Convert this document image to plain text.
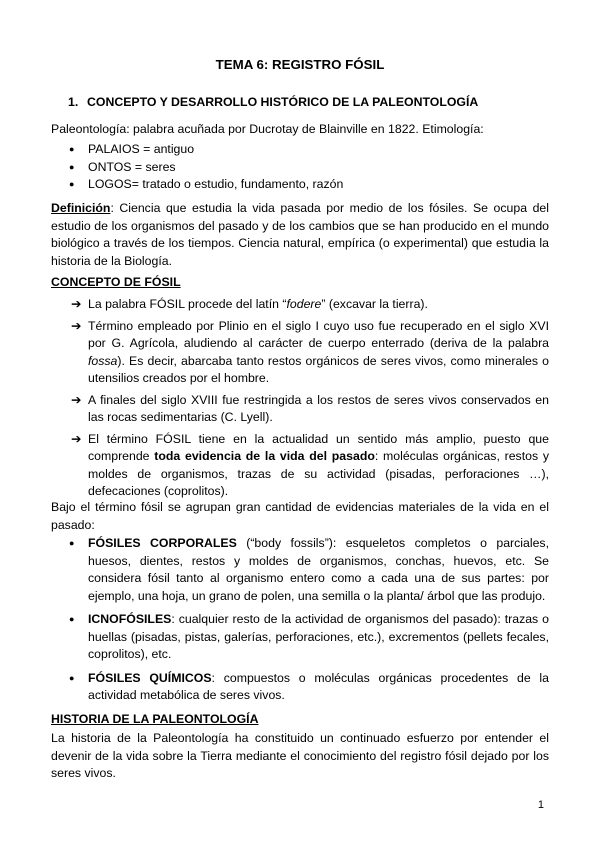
TEMA 6: REGISTRO FÓSIL
1. CONCEPTO Y DESARROLLO HISTÓRICO DE LA PALEONTOLOGÍA
Paleontología: palabra acuñada por Ducrotay de Blainville en 1822. Etimología:
● PALAIOS = antiguo
● ONTOS = seres
● LOGOS= tratado o estudio, fundamento, razón
Definición: Ciencia que estudia la vida pasada por medio de los fósiles. Se ocupa del estudio de los organismos del pasado y de los cambios que se han producido en el mundo biológico a través de los tiempos. Ciencia natural, empírica (o experimental) que estudia la historia de la Biología.
CONCEPTO DE FÓSIL
➔ La palabra FÓSIL procede del latín “fodere” (excavar la tierra).
➔ Término empleado por Plinio en el siglo I cuyo uso fue recuperado en el siglo XVI por G. Agrícola, aludiendo al carácter de cuerpo enterrado (deriva de la palabra fossa). Es decir, abarcaba tanto restos orgánicos de seres vivos, como minerales o utensilios creados por el hombre.
➔ A finales del siglo XVIII fue restringida a los restos de seres vivos conservados en las rocas sedimentarias (C. Lyell).
➔ El término FÓSIL tiene en la actualidad un sentido más amplio, puesto que comprende toda evidencia de la vida del pasado: moléculas orgánicas, restos y moldes de organismos, trazas de su actividad (pisadas, perforaciones …), defecaciones (coprolitos).
Bajo el término fósil se agrupan gran cantidad de evidencias materiales de la vida en el pasado:
● FÓSILES CORPORALES (“body fossils”): esqueletos completos o parciales, huesos, dientes, restos y moldes de organismos, conchas, huevos, etc. Se considera fósil tanto al organismo entero como a cada una de sus partes: por ejemplo, una hoja, un grano de polen, una semilla o la planta/ árbol que las produjo.
● ICNOFÓSILES: cualquier resto de la actividad de organismos del pasado): trazas o huellas (pisadas, pistas, galerías, perforaciones, etc.), excrementos (pellets fecales, coprolitos), etc.
● FÓSILES QUÍMICOS: compuestos o moléculas orgánicas procedentes de la actividad metabólica de seres vivos.
HISTORIA DE LA PALEONTOLOGÍA
La historia de la Paleontología ha constituido un continuado esfuerzo por entender el devenir de la vida sobre la Tierra mediante el conocimiento del registro fósil dejado por los seres vivos.
1
